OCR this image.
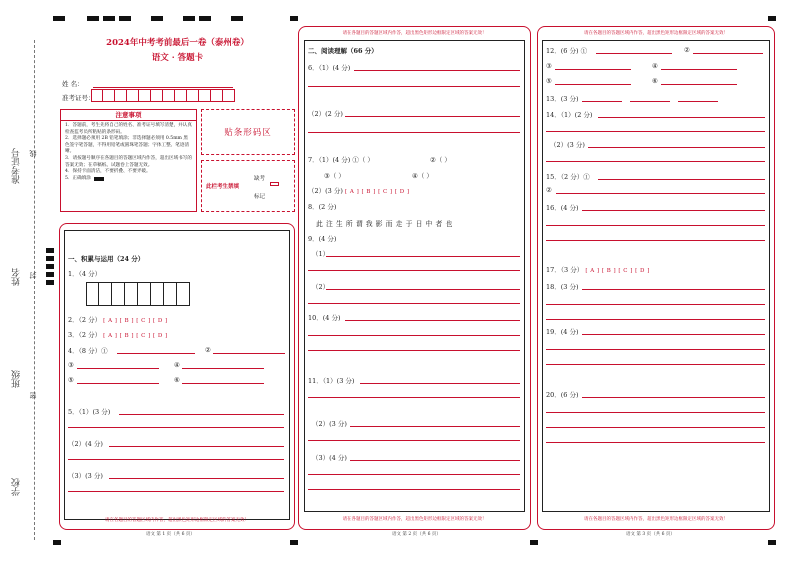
准考证号 线
姓名 封
班级
密
学校
2024年中考考前最后一卷（泰州卷）
语文 · 答题卡
姓 名：
准考证号：
注意事项
1．答题前，考生先将自己的姓名、准考证号填写清楚，并认真检查监考员所粘贴的条形码。
2．选择题必须用 2B 铅笔填涂；非选择题必须用 0.5mm 黑色签字笔答题，不得用铅笔或圆珠笔答题；字体工整、笔迹清晰。
3．请按题号顺序在各题目的答题区域内作答，超出区域书写的答案无效；在草稿纸、试题卷上答题无效。
4．保持卡面清洁，不要折叠、不要弄破。
5．正确填涂
贴条形码区
此栏考生禁填
缺考
标记
一、积累与运用（24 分）
1．（4 分）
2．（2 分） [ A ] [ B ] [ C ] [ D ]
3．（2 分） [ A ] [ B ] [ C ] [ D ]
4．（8 分）①	②
③	④
⑤	⑥
5．（1）(3 分)
（2）(4 分)
（3）(3 分)
请在各题目的答题区域内作答，超出黑色矩形边框限定区域的答案无效！
语文 第 1 页（共 6 页）
请在各题目的答题区域内作答，超出黑色矩形边框限定区域的答案无效！
二、阅读理解（66 分）
6．（1）(4 分)
（2）(2 分)
7．（1）(4 分) ①（ ）	②（ ）
③（ ）	④（ ）
（2）(3 分) [ A ] [ B ] [ C ] [ D ]
8．(2 分)
此 注 生 所 谓 我 影 而 走 于 日 中 者 也
9．(4 分)
（1）
（2）
10．(4 分)
11．（1）(3 分)
（2）(3 分)
（3）(4 分)
请在各题目的答题区域内作答，超出黑色矩形边框限定区域的答案无效！
语文 第 2 页（共 6 页）
请在各题目的答题区域内作答，超出黑色矩形边框限定区域的答案无效！
12．(6 分) ①	②
③	④
⑤	⑥
13．(3 分)
14．（1）(2 分)
（2）(3 分)
15．（2 分）①
②
16．(4 分)
17．（3 分） [ A ] [ B ] [ C ] [ D ]
18．(3 分)
19．(4 分)
20．(6 分)
请在各题目的答题区域内作答，超出黑色矩形边框限定区域的答案无效！
语文 第 3 页（共 6 页）
